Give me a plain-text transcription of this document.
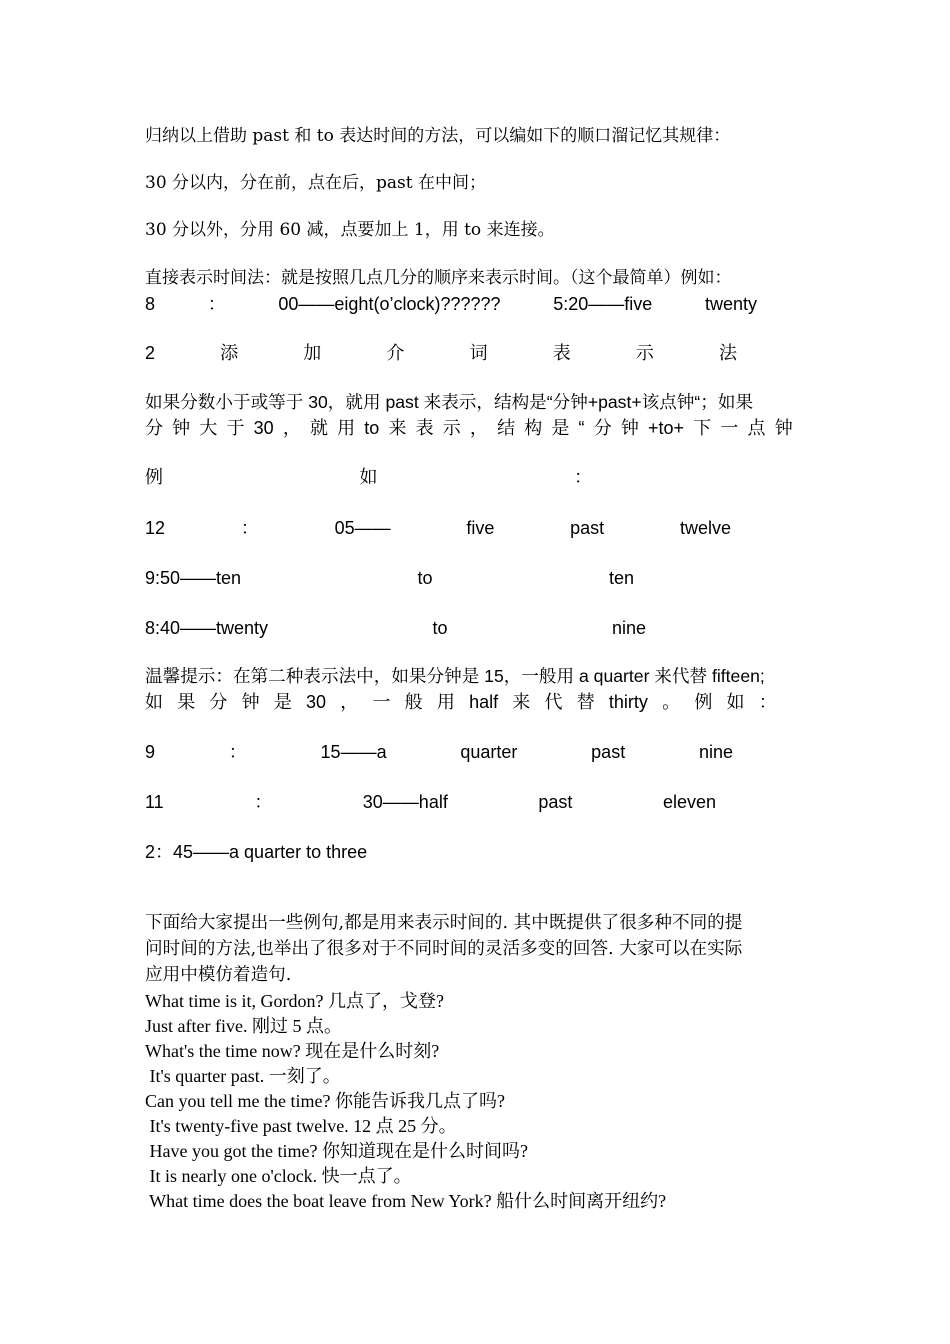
归纳以上借助 past 和 to 表达时间的方法，可以编如下的顺口溜记忆其规律：
30 分以内，分在前，点在后，past 在中间；
30 分以外，分用 60 减，点要加上 1，用 to 来连接。
直接表示时间法：就是按照几点几分的顺序来表示时间。（这个最简单）例如：
8	：	00——eight(o’clock)??????	5:20——five	twenty
2	添	加	介	词	表	示	法
如果分数小于或等于 30，就用 past 来表示，结构是“分钟+past+该点钟“；如果
分 钟 大 于 30 ， 就 用 to 来 表 示 ， 结 构 是 “ 分 钟 +to+ 下 一 点 钟
例	如	：
12	：	05——	five	past	twelve
9:50——ten	to	ten
8:40——twenty	to	nine
温馨提示：在第二种表示法中，如果分钟是 15，一般用 a quarter 来代替 fifteen;
如 果 分 钟 是 30 ， 一 般 用 half 来 代 替 thirty 。 例 如 ：
9	：	15——a	quarter	past	nine
11	：	30——half	past	eleven
2：45——a quarter to three
下面给大家提出一些例句,都是用来表示时间的. 其中既提供了很多种不同的提
问时间的方法,也举出了很多对于不同时间的灵活多变的回答. 大家可以在实际
应用中模仿着造句.
What time is it, Gordon? 几点了，戈登?
Just after five. 刚过 5 点。
What's the time now? 现在是什么时刻?
It's quarter past. 一刻了。
Can you tell me the time? 你能告诉我几点了吗?
It's twenty-five past twelve. 12 点 25 分。
Have you got the time? 你知道现在是什么时间吗?
It is nearly one o'clock. 快一点了。
What time does the boat leave from New York? 船什么时间离开纽约?
